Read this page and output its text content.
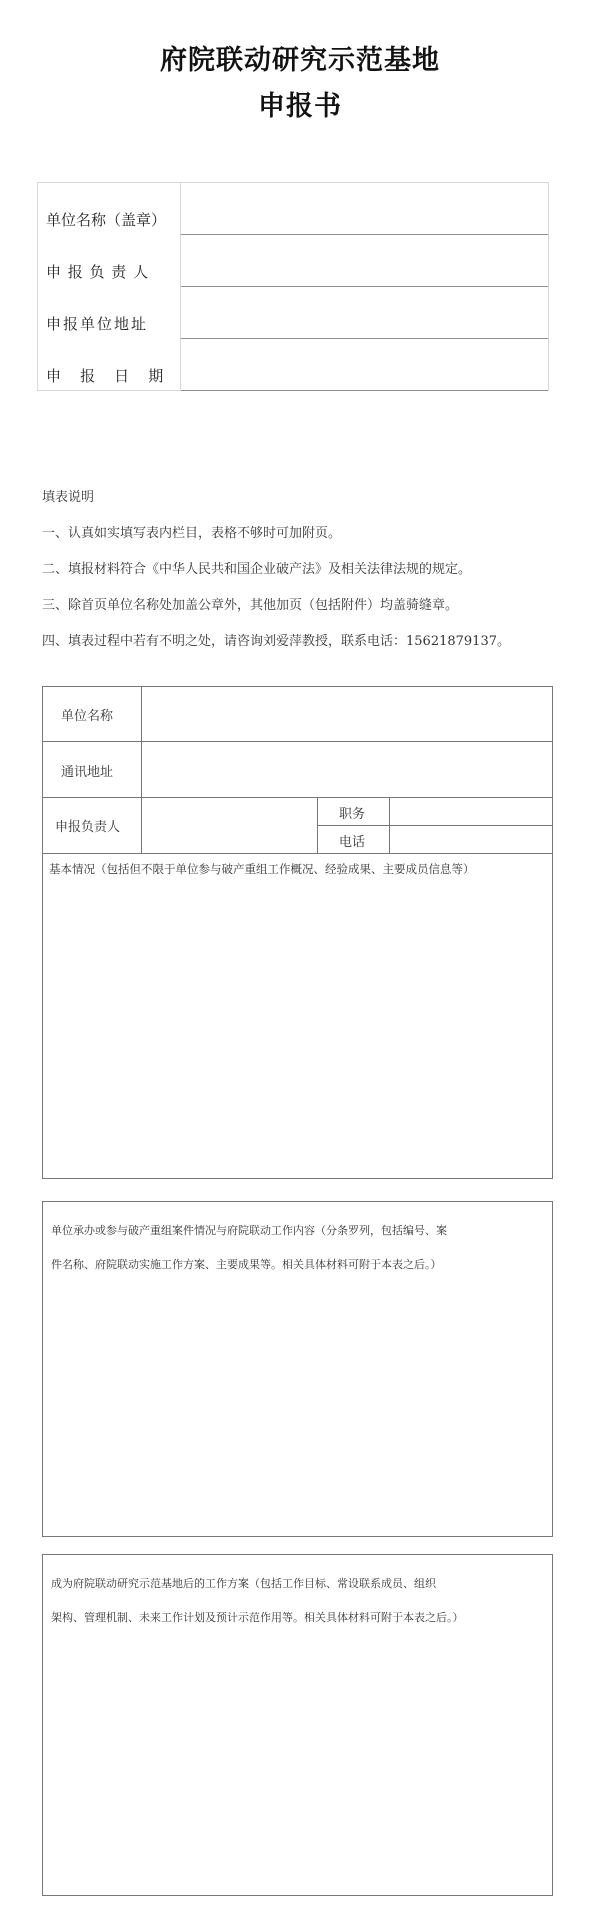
府院联动研究示范基地
申报书
单位名称（盖章）
申 报 负 责 人
申报单位地址
申    报    日    期
填表说明
一、认真如实填写表内栏目，表格不够时可加附页。
二、填报材料符合《中华人民共和国企业破产法》及相关法律法规的规定。
三、除首页单位名称处加盖公章外，其他加页（包括附件）均盖骑缝章。
四、填表过程中若有不明之处，请咨询刘爱萍教授，联系电话：15621879137。
单位名称
通讯地址
申报负责人
职务
电话
基本情况（包括但不限于单位参与破产重组工作概况、经验成果、主要成员信息等）
单位承办或参与破产重组案件情况与府院联动工作内容（分条罗列，包括编号、案
件名称、府院联动实施工作方案、主要成果等。相关具体材料可附于本表之后。）
成为府院联动研究示范基地后的工作方案（包括工作目标、常设联系成员、组织
架构、管理机制、未来工作计划及预计示范作用等。相关具体材料可附于本表之后。）
